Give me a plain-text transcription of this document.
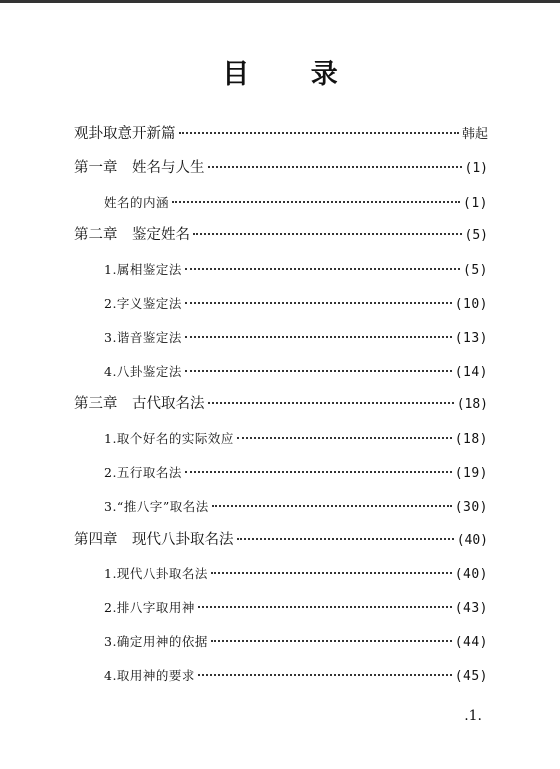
目 录
观卦取意开新篇	韩起
第一章　姓名与人生	(1)
姓名的内涵	(1)
第二章　鉴定姓名	(5)
1.属相鉴定法	(5)
2.字义鉴定法	(10)
3.谐音鉴定法	(13)
4.八卦鉴定法	(14)
第三章　古代取名法	(18)
1.取个好名的实际效应	(18)
2.五行取名法	(19)
3.“推八字”取名法	(30)
第四章　现代八卦取名法	(40)
1.现代八卦取名法	(40)
2.排八字取用神	(43)
3.确定用神的依据	(44)
4.取用神的要求	(45)
.1.
